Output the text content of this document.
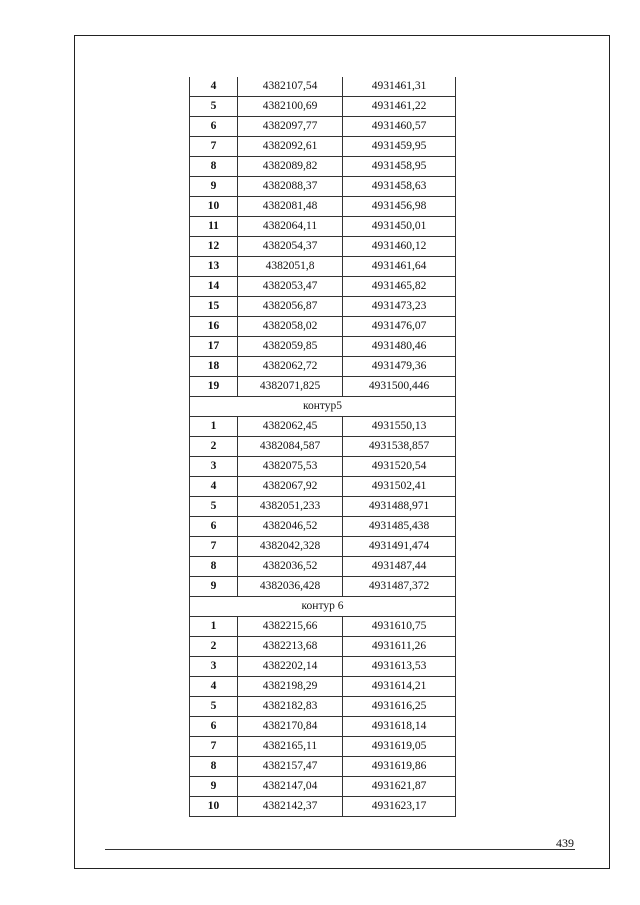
4	4382107,54	4931461,31
5	4382100,69	4931461,22
6	4382097,77	4931460,57
7	4382092,61	4931459,95
8	4382089,82	4931458,95
9	4382088,37	4931458,63
10	4382081,48	4931456,98
11	4382064,11	4931450,01
12	4382054,37	4931460,12
13	4382051,8	4931461,64
14	4382053,47	4931465,82
15	4382056,87	4931473,23
16	4382058,02	4931476,07
17	4382059,85	4931480,46
18	4382062,72	4931479,36
19	4382071,825	4931500,446
контур5		
1	4382062,45	4931550,13
2	4382084,587	4931538,857
3	4382075,53	4931520,54
4	4382067,92	4931502,41
5	4382051,233	4931488,971
6	4382046,52	4931485,438
7	4382042,328	4931491,474
8	4382036,52	4931487,44
9	4382036,428	4931487,372
контур 6		
1	4382215,66	4931610,75
2	4382213,68	4931611,26
3	4382202,14	4931613,53
4	4382198,29	4931614,21
5	4382182,83	4931616,25
6	4382170,84	4931618,14
7	4382165,11	4931619,05
8	4382157,47	4931619,86
9	4382147,04	4931621,87
10	4382142,37	4931623,17
439
